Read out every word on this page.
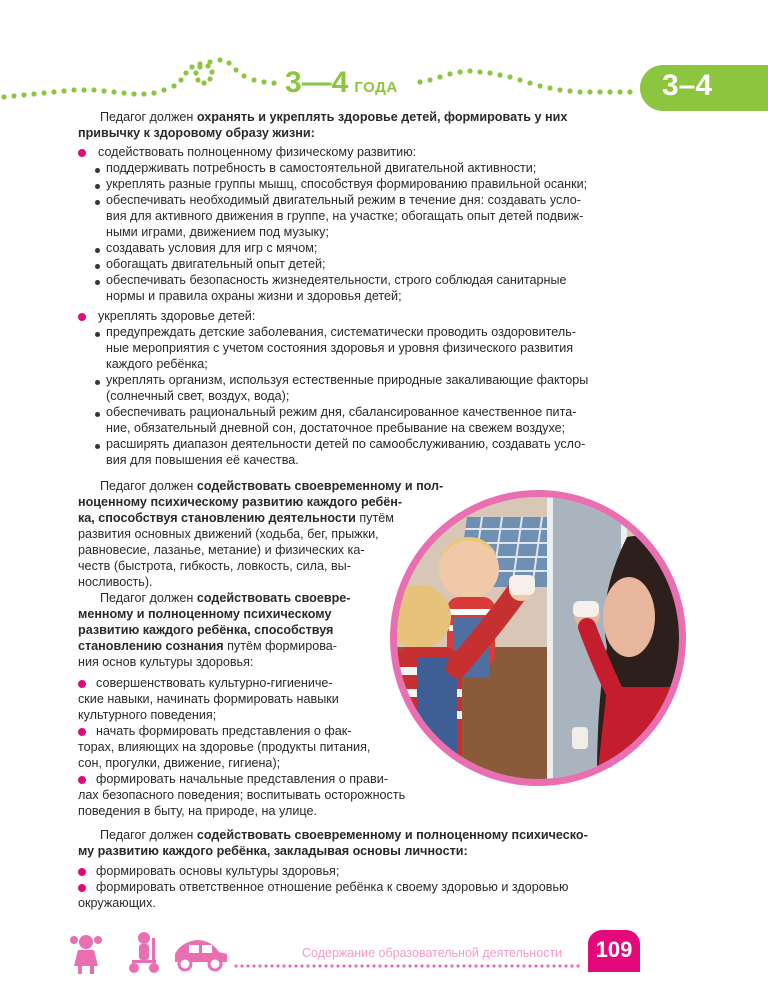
3—4 ГОДА	3–4
Педагог должен охранять и укреплять здоровье детей, формировать у них
привычку к здоровому образу жизни:
содействовать полноценному физическому развитию:
поддерживать потребность в самостоятельной двигательной активности;
укреплять разные группы мышц, способствуя формированию правильной осанки;
обеспечивать необходимый двигательный режим в течение дня: создавать усло-
вия для активного движения в группе, на участке; обогащать опыт детей подвиж-
ными играми, движением под музыку;
создавать условия для игр с мячом;
обогащать двигательный опыт детей;
обеспечивать безопасность жизнедеятельности, строго соблюдая санитарные
нормы и правила охраны жизни и здоровья детей;
укреплять здоровье детей:
предупреждать детские заболевания, систематически проводить оздоровитель-
ные мероприятия с учетом состояния здоровья и уровня физического развития
каждого ребёнка;
укреплять организм, используя естественные природные закаливающие факторы
(солнечный свет, воздух, вода);
обеспечивать рациональный режим дня, сбалансированное качественное пита-
ние, обязательный дневной сон, достаточное пребывание на свежем воздухе;
расширять диапазон деятельности детей по самообслуживанию, создавать усло-
вия для повышения её качества.
Педагог должен содействовать своевременному и пол-
ноценному психическому развитию каждого ребён-
ка, способствуя становлению деятельности путём
развития основных движений (ходьба, бег, прыжки,
равновесие, лазанье, метание) и физических ка-
честв (быстрота, гибкость, ловкость, сила, вы-
носливость).
Педагог должен содействовать своевре-
менному и полноценному психическому
развитию каждого ребёнка, способствуя
становлению сознания путём формирова-
ния основ культуры здоровья:
совершенствовать культурно-гигиениче-
ские навыки, начинать формировать навыки
культурного поведения;
начать формировать представления о фак-
торах, влияющих на здоровье (продукты питания,
сон, прогулки, движение, гигиена);
формировать начальные представления о прави-
лах безопасного поведения; воспитывать осторожность
поведения в быту, на природе, на улице.
Педагог должен содействовать своевременному и полноценному психическо-
му развитию каждого ребёнка, закладывая основы личности:
формировать основы культуры здоровья;
формировать ответственное отношение ребёнка к своему здоровью и здоровью
окружающих.
Содержание образовательной деятельности	109
